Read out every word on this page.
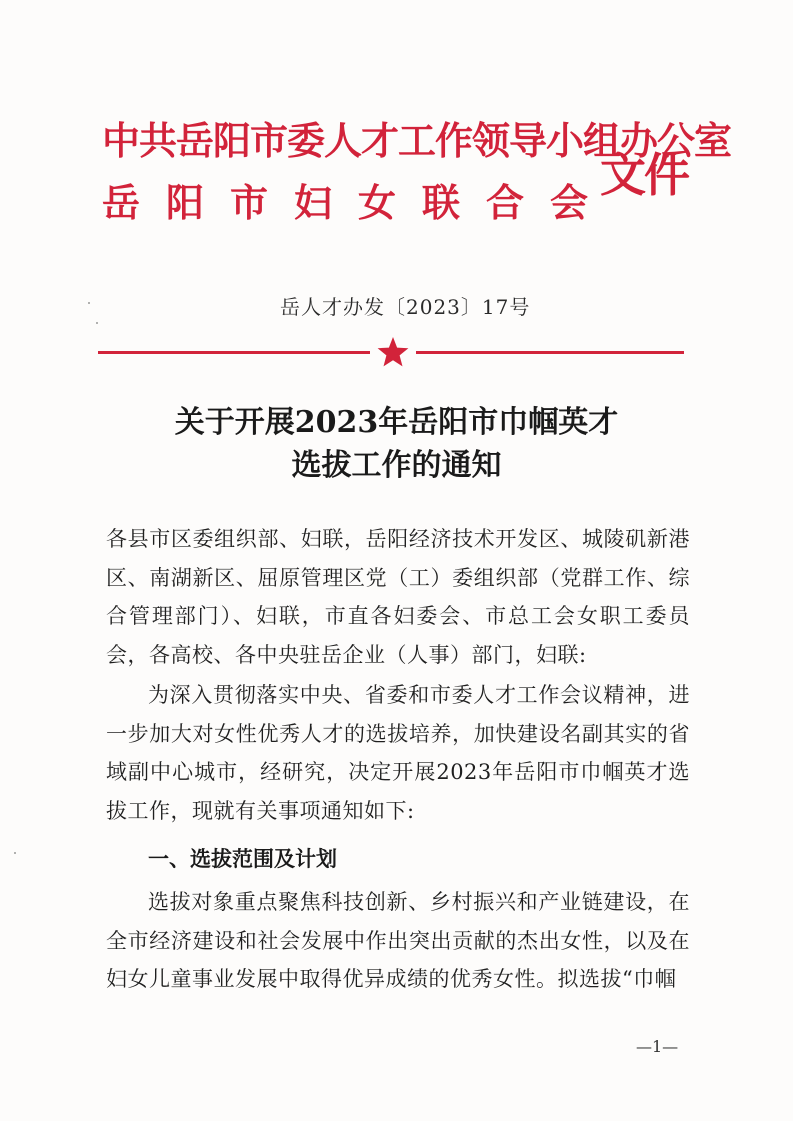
中共岳阳市委人才工作领导小组办公室
岳阳市妇女联合会
文件
岳人才办发〔2023〕17号
关于开展2023年岳阳市巾帼英才
选拔工作的通知
各县市区委组织部、妇联，岳阳经济技术开发区、城陵矶新港区、南湖新区、屈原管理区党（工）委组织部（党群工作、综合管理部门）、妇联，市直各妇委会、市总工会女职工委员会，各高校、各中央驻岳企业（人事）部门，妇联:
为深入贯彻落实中央、省委和市委人才工作会议精神，进一步加大对女性优秀人才的选拔培养，加快建设名副其实的省域副中心城市，经研究，决定开展2023年岳阳市巾帼英才选拔工作，现就有关事项通知如下:
一、选拔范围及计划
选拔对象重点聚焦科技创新、乡村振兴和产业链建设，在全市经济建设和社会发展中作出突出贡献的杰出女性，以及在妇女儿童事业发展中取得优异成绩的优秀女性。拟选拔“巾帼
—1—
